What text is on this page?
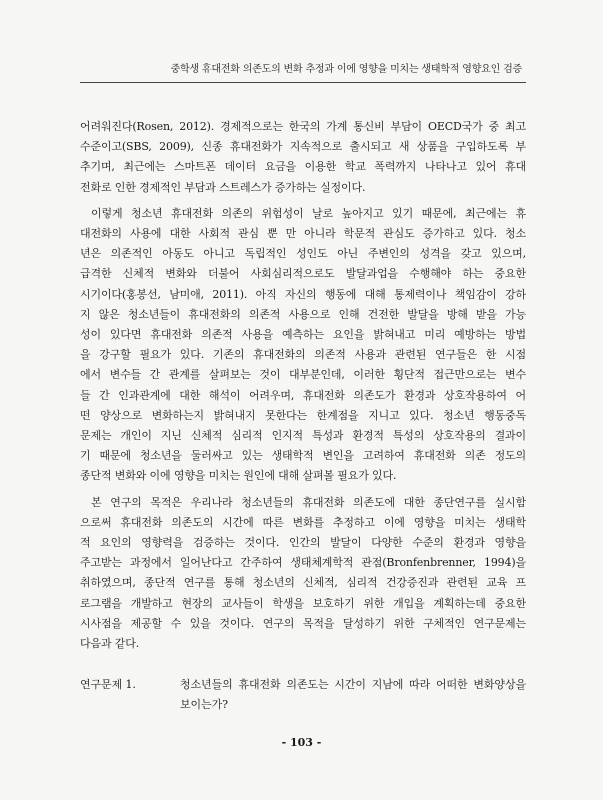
중학생 휴대전화 의존도의 변화 추정과 이에 영향을 미치는 생태학적 영향요인 검증
어려워진다(Rosen, 2012). 경제적으로는 한국의 가계 통신비 부담이 OECD국가 중 최고
수준이고(SBS, 2009), 신종 휴대전화가 지속적으로 출시되고 새 상품을 구입하도록 부
추기며, 최근에는 스마트폰 데이터 요금을 이용한 학교 폭력까지 나타나고 있어 휴대
전화로 인한 경제적인 부담과 스트레스가 증가하는 실정이다.
이렇게 청소년 휴대전화 의존의 위험성이 날로 높아지고 있기 때문에, 최근에는 휴
대전화의 사용에 대한 사회적 관심 뿐 만 아니라 학문적 관심도 증가하고 있다. 청소
년은 의존적인 아동도 아니고 독립적인 성인도 아닌 주변인의 성격을 갖고 있으며,
급격한 신체적 변화와 더불어 사회심리적으로도 발달과업을 수행해야 하는 중요한
시기이다(홍봉선, 남미애, 2011). 아직 자신의 행동에 대해 통제력이나 책임감이 강하
지 않은 청소년들이 휴대전화의 의존적 사용으로 인해 건전한 발달을 방해 받을 가능
성이 있다면 휴대전화 의존적 사용을 예측하는 요인을 밝혀내고 미리 예방하는 방법
을 강구할 필요가 있다. 기존의 휴대전화의 의존적 사용과 관련된 연구들은 한 시점
에서 변수들 간 관계를 살펴보는 것이 대부분인데, 이러한 횡단적 접근만으로는 변수
들 간 인과관계에 대한 해석이 어려우며, 휴대전화 의존도가 환경과 상호작용하여 어
떤 양상으로 변화하는지 밝혀내지 못한다는 한계점을 지니고 있다. 청소년 행동중독
문제는 개인이 지닌 신체적 심리적 인지적 특성과 환경적 특성의 상호작용의 결과이
기 때문에 청소년을 둘러싸고 있는 생태학적 변인을 고려하여 휴대전화 의존 정도의
종단적 변화와 이에 영향을 미치는 원인에 대해 살펴볼 필요가 있다.
본 연구의 목적은 우리나라 청소년들의 휴대전화 의존도에 대한 종단연구를 실시함
으로써 휴대전화 의존도의 시간에 따른 변화를 추정하고 이에 영향을 미치는 생태학
적 요인의 영향력을 검증하는 것이다. 인간의 발달이 다양한 수준의 환경과 영향을
주고받는 과정에서 일어난다고 간주하여 생태체계학적 관점(Bronfenbrenner, 1994)을
취하였으며, 종단적 연구를 통해 청소년의 신체적, 심리적 건강증진과 관련된 교육 프
로그램을 개발하고 현장의 교사들이 학생을 보호하기 위한 개입을 계획하는데 중요한
시사점을 제공할 수 있을 것이다. 연구의 목적을 달성하기 위한 구체적인 연구문제는
다음과 같다.
연구문제 1.	청소년들의 휴대전화 의존도는 시간이 지남에 따라 어떠한 변화양상을
보이는가?
- 103 -
